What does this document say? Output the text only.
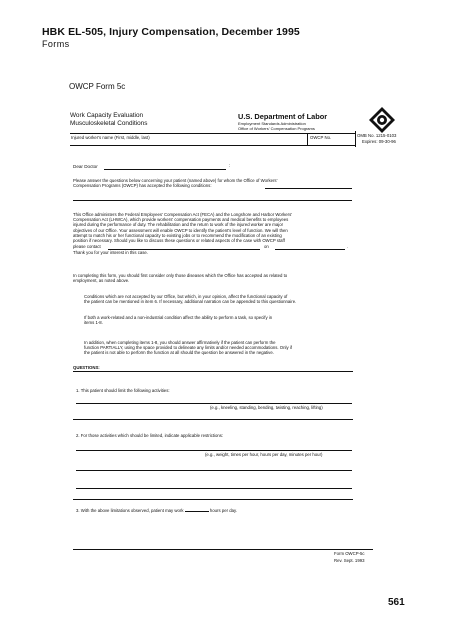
HBK EL-505, Injury Compensation, December 1995
Forms
OWCP Form 5c
Work Capacity Evaluation
Musculoskeletal Conditions
U.S. Department of Labor
Employment Standards Administration
Office of Workers' Compensation Programs
Injured worker's name (First, middle, last)	OWCP No.	OMB No. 1215-0103
Expires: 09-30-96
Dear Doctor	:
Please answer the questions below concerning your patient (named above) for whom the Office of Workers'
Compensation Programs (OWCP) has accepted the following conditions:
This Office administers the Federal Employees' Compensation Act (FECA) and the Longshore and Harbor Workers'
Compensation Act (LHWCA), which provide workers' compensation payments and medical benefits to employees
injured during the performance of duty. The rehabilitation and the return to work of the injured worker are major
objectives of our Office. Your assessment will enable OWCP to identify the patient's level of function. We will then
attempt to match his or her functional capacity to existing jobs or to recommend the modification of an existing
position if necessary. Should you like to discuss these questions or related aspects of the case with OWCP staff
please contact	on	.
Thank you for your interest in this case.
In completing this form, you should first consider only those diseases which the Office has accepted as related to
employment, as noted above.
Conditions which are not accepted by our Office, but which, in your opinion, affect the functional capacity of
the patient can be mentioned in item 6. If necessary, additional narration can be appended to this questionnaire.
If both a work-related and a non-industrial condition affect the ability to perform a task, so specify in
items 1-8.
In addition, when completing items 1-8, you should answer affirmatively if the patient can perform the
function PARTIALLY, using the space provided to delineate any limits and/or needed accommodations. Only if
the patient is not able to perform the function at all should the question be answered in the negative.
QUESTIONS:
1. This patient should limit the following activities:
(e.g., kneeling, standing, bending, twisting, reaching, lifting)
2. For those activities which should be limited, indicate applicable restrictions:
(e.g., weight, times per hour, hours per day, minutes per hour)
3. With the above limitations observed, patient may work	hours per day.
Form OWCP-5c
Rev. Sept. 1993
561
